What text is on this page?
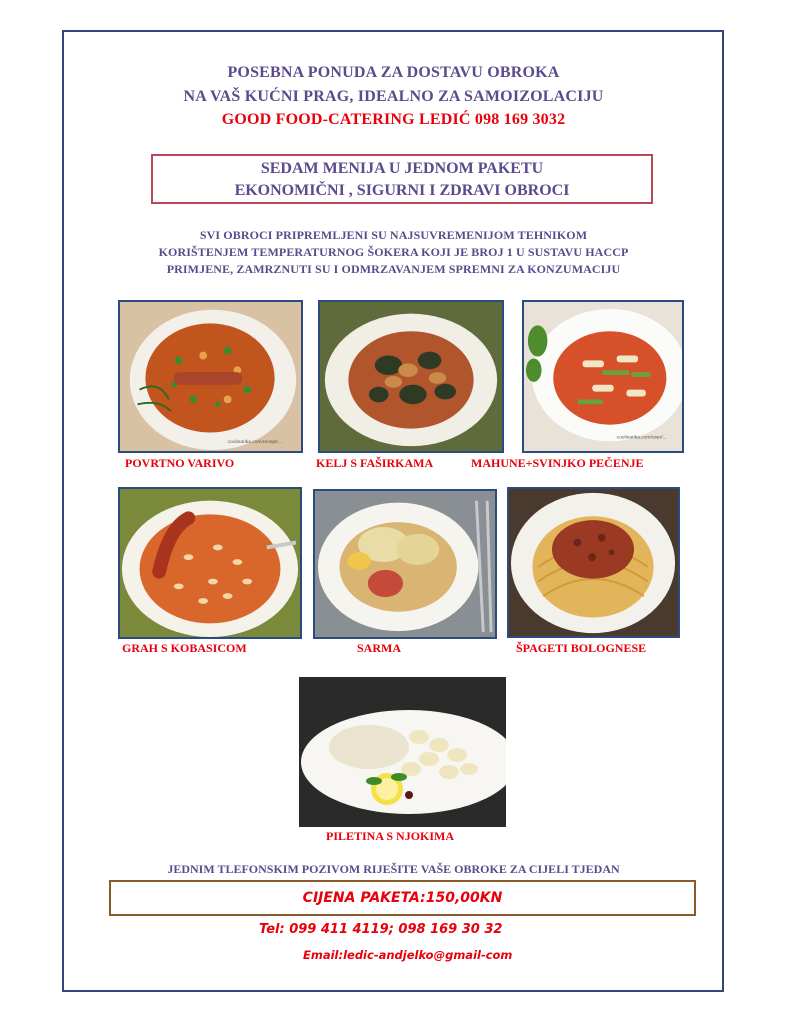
POSEBNA PONUDA ZA DOSTAVU OBROKA
NA VAŠ KUĆNI PRAG, IDEALNO ZA SAMOIZOLACIJU
GOOD FOOD-CATERING LEDIĆ 098 169 3032
SEDAM MENIJA U JEDNOM PAKETU
EKONOMIČNI , SIGURNI I ZDRAVI OBROCI
SVI OBROCI PRIPREMLJENI SU NAJSUVREMENIJOM TEHNIKOM
KORIŠTENJEM TEMPERATURNOG ŠOKERA KOJI JE BROJ 1 U SUSTAVU HACCP
PRIMJENE, ZAMRZNUTI SU I ODMRZAVANJEM SPREMNI ZA KONZUMACIJU
coolinarika.com/recept/...
POVRTNO VARIVO	KELJ S FAŠIRKAMA
coolinarika.com/user/...
MAHUNE+SVINJKO PEČENJE
GRAH S KOBASICOM	SARMA	ŠPAGETI BOLOGNESE
PILETINA S NJOKIMA
JEDNIM TLEFONSKIM POZIVOM RIJEŠITE VAŠE OBROKE ZA CIJELI TJEDAN
CIJENA PAKETA:150,00KN
Tel: 099 411 4119; 098 169 30 32
Email:ledic-andjelko@gmail-com
